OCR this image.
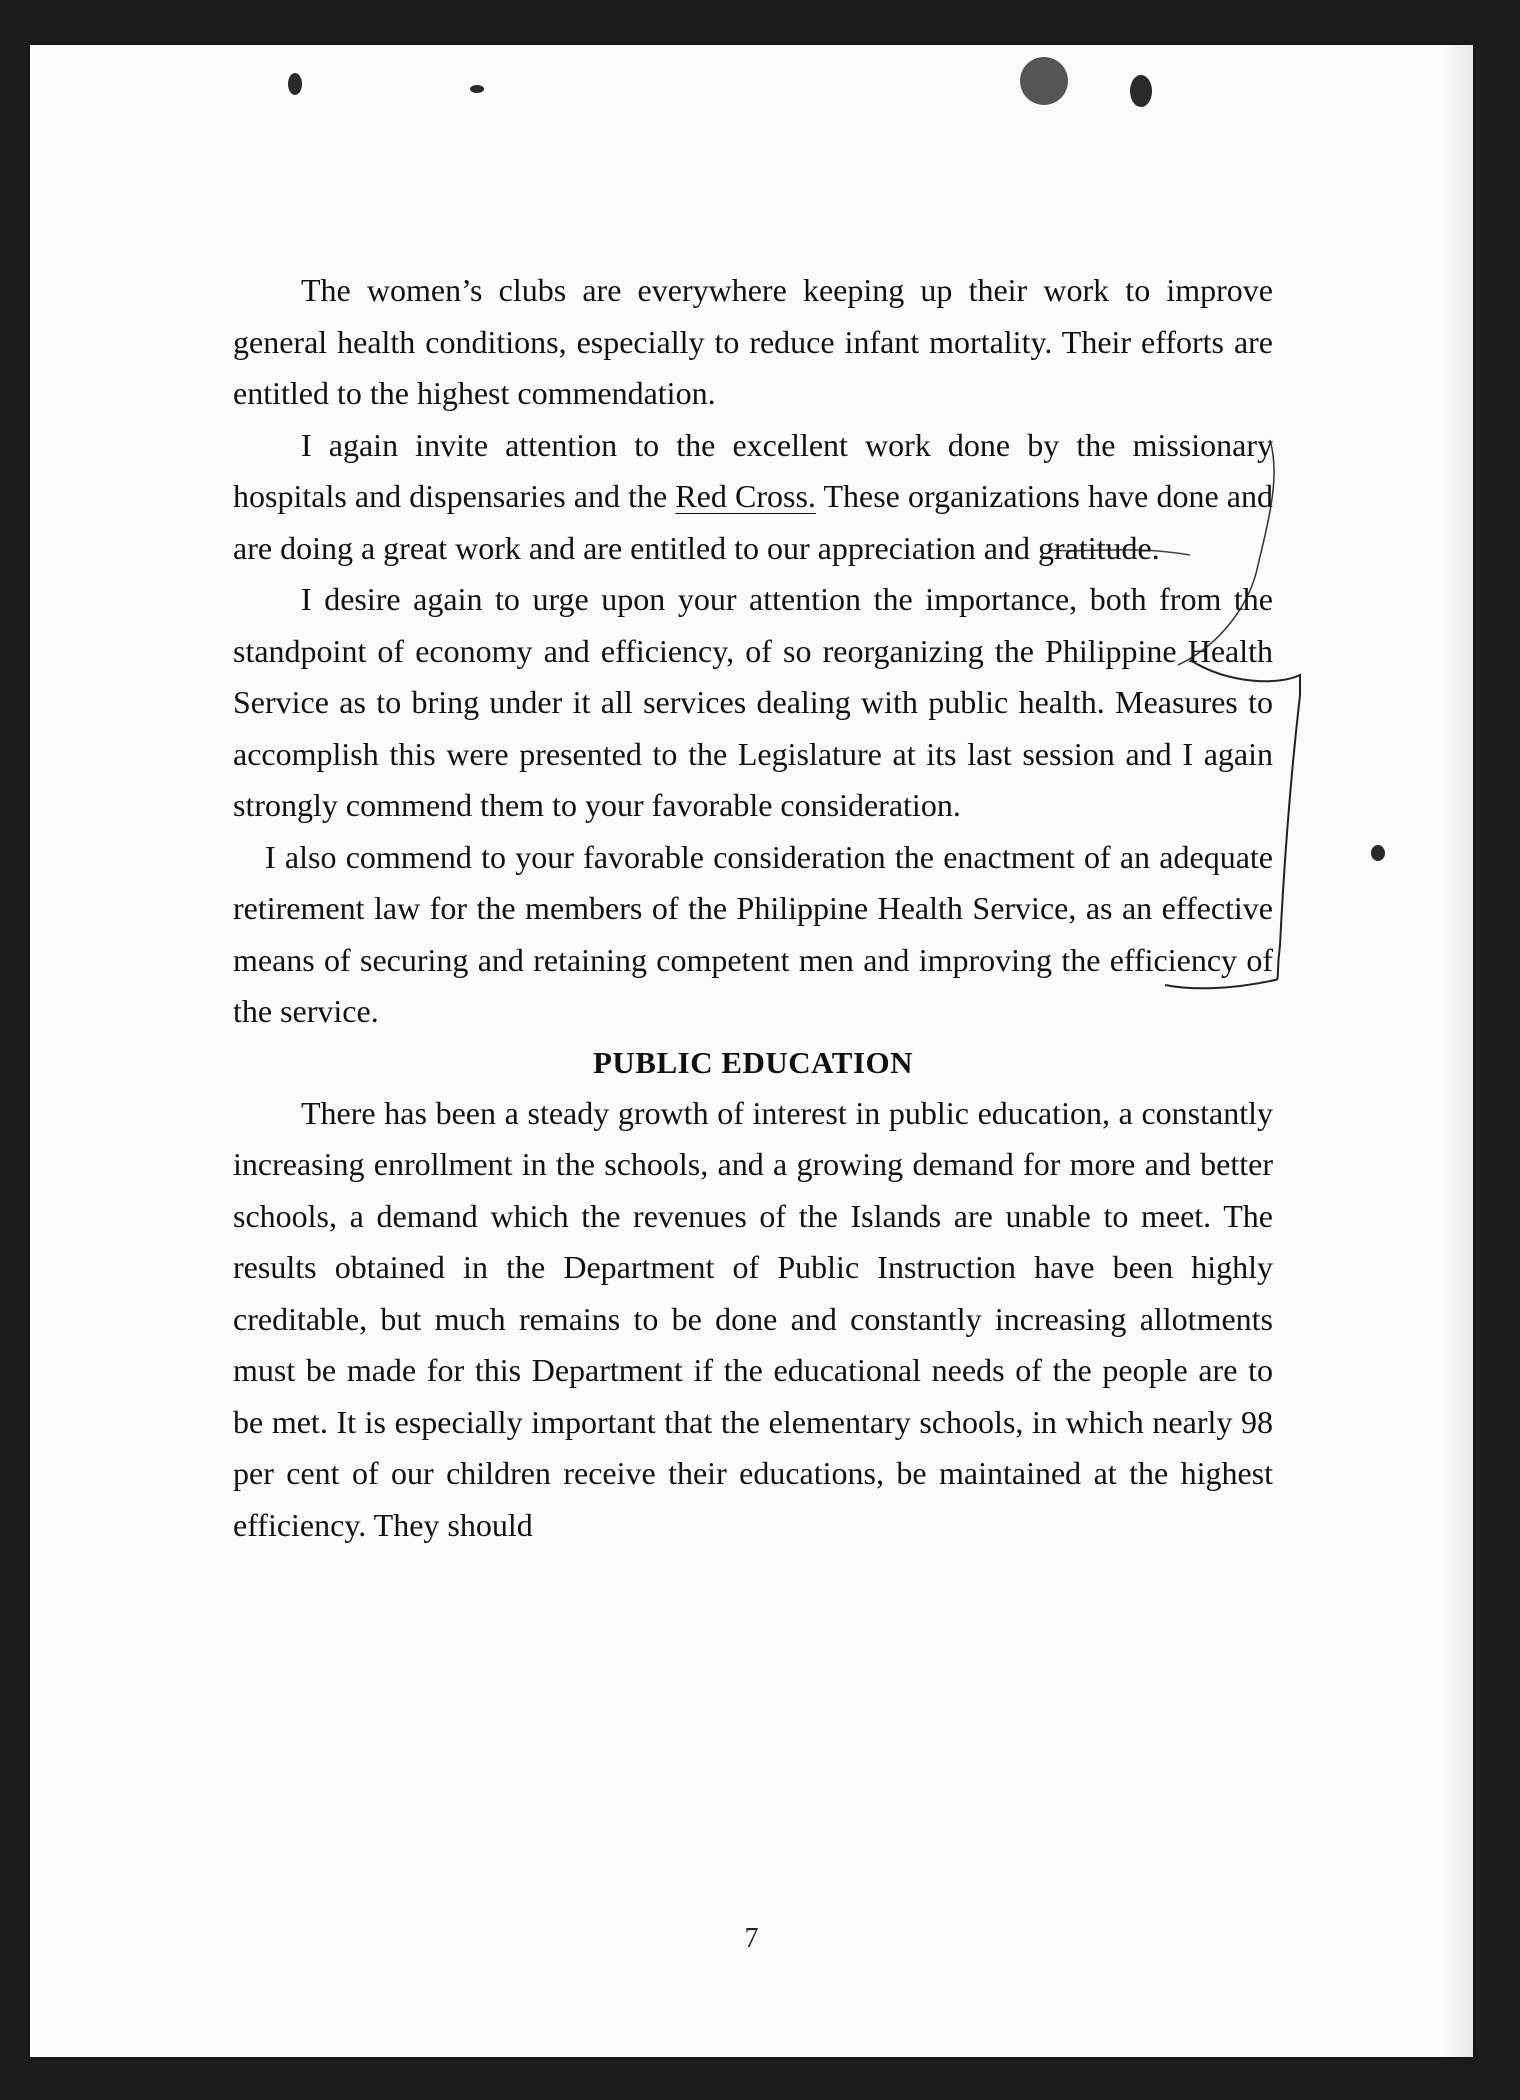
The women’s clubs are everywhere keeping up their work to improve general health conditions, especially to reduce infant mortality. Their efforts are entitled to the highest commendation.

I again invite attention to the excellent work done by the missionary hospitals and dispensaries and the Red Cross. These organizations have done and are doing a great work and are entitled to our appreciation and gratitude.

I desire again to urge upon your attention the importance, both from the standpoint of economy and efficiency, of so reorganizing the Philippine Health Service as to bring under it all services dealing with public health. Measures to accomplish this were presented to the Legislature at its last session and I again strongly commend them to your favorable consideration.

I also commend to your favorable consideration the enactment of an adequate retirement law for the members of the Philippine Health Service, as an effective means of securing and retaining competent men and improving the efficiency of the service.

PUBLIC EDUCATION

There has been a steady growth of interest in public education, a constantly increasing enrollment in the schools, and a growing demand for more and better schools, a demand which the revenues of the Islands are unable to meet. The results obtained in the Department of Public Instruction have been highly creditable, but much remains to be done and constantly increasing allotments must be made for this Department if the educational needs of the people are to be met. It is especially important that the elementary schools, in which nearly 98 per cent of our children receive their educations, be maintained at the highest efficiency. They should

7
